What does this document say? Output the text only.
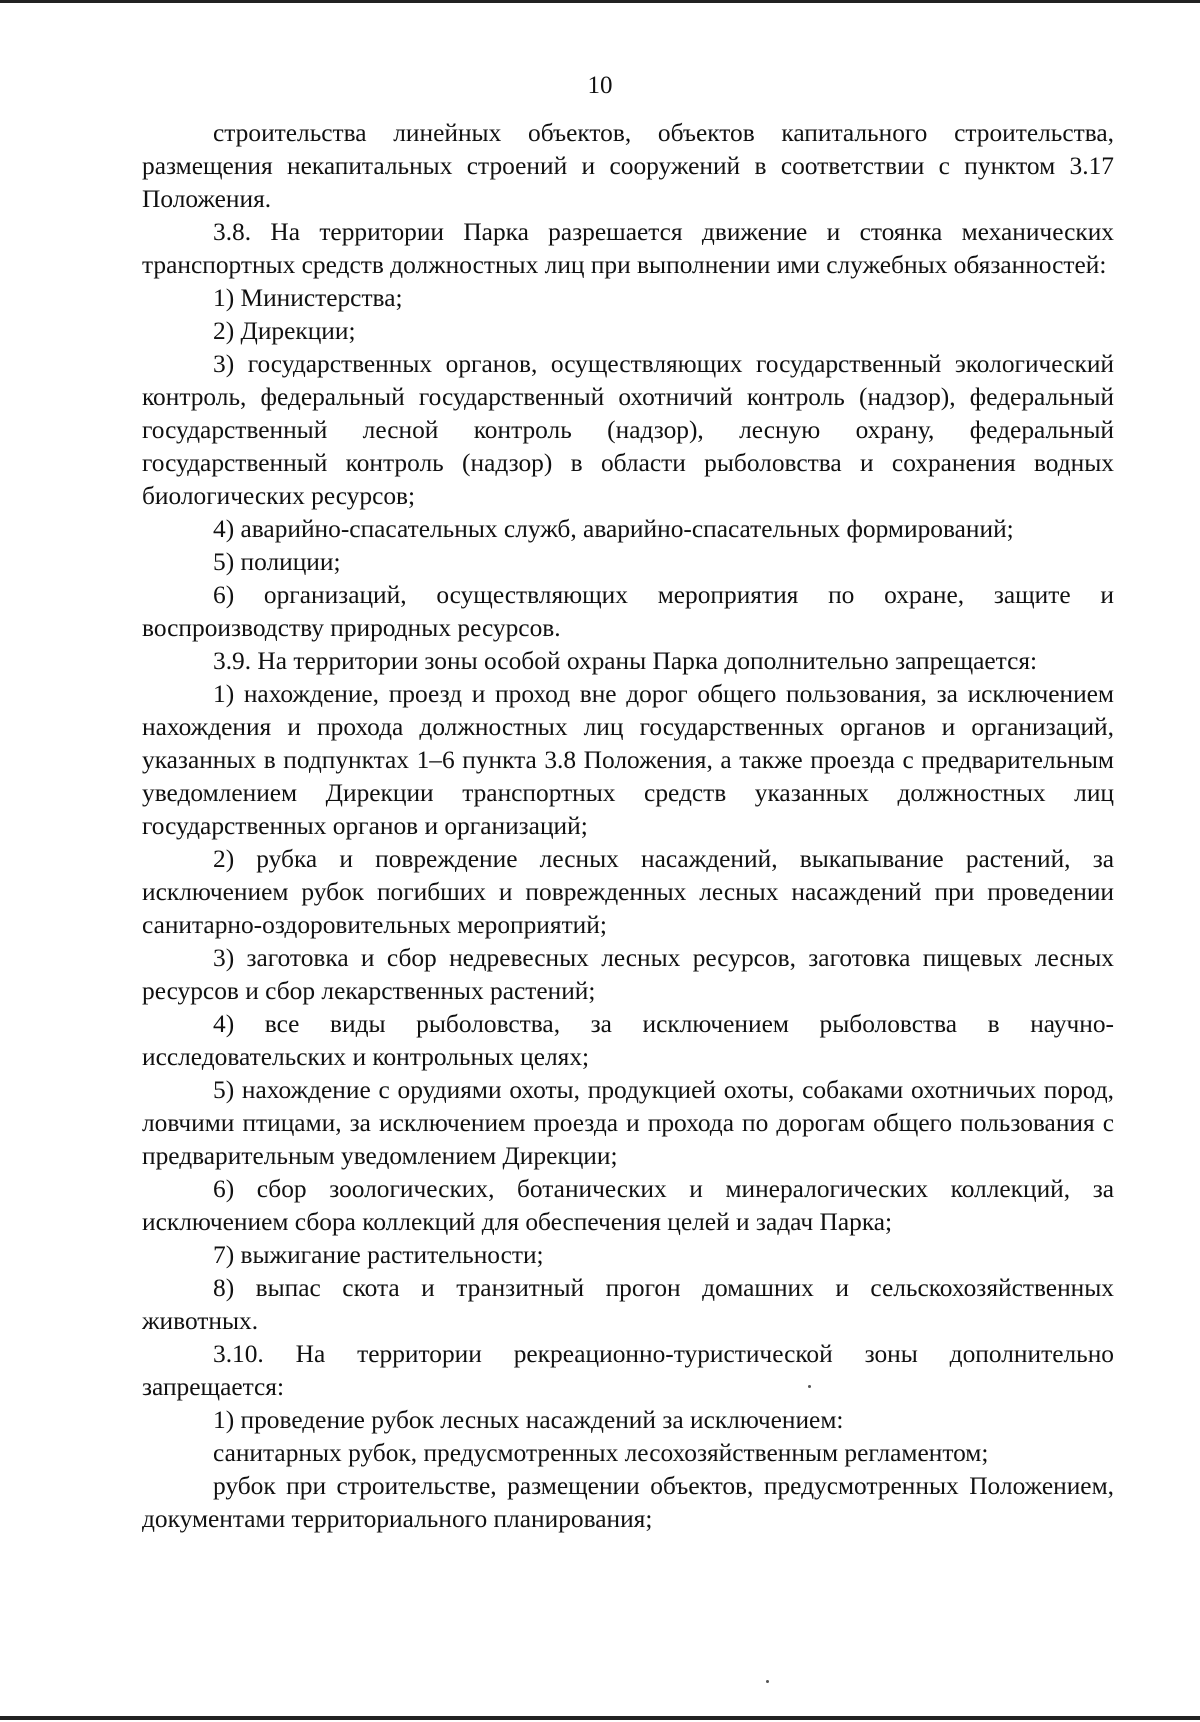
10

строительства линейных объектов, объектов капитального строительства, размещения некапитальных строений и сооружений в соответствии с пунктом 3.17 Положения.

3.8. На территории Парка разрешается движение и стоянка механических транспортных средств должностных лиц при выполнении ими служебных обязанностей:

1) Министерства;

2) Дирекции;

3) государственных органов, осуществляющих государственный экологический контроль, федеральный государственный охотничий контроль (надзор), федеральный государственный лесной контроль (надзор), лесную охрану, федеральный государственный контроль (надзор) в области рыболовства и сохранения водных биологических ресурсов;

4) аварийно-спасательных служб, аварийно-спасательных формирований;

5) полиции;

6) организаций, осуществляющих мероприятия по охране, защите и воспроизводству природных ресурсов.

3.9. На территории зоны особой охраны Парка дополнительно запрещается:

1) нахождение, проезд и проход вне дорог общего пользования, за исключением нахождения и прохода должностных лиц государственных органов и организаций, указанных в подпунктах 1–6 пункта 3.8 Положения, а также проезда с предварительным уведомлением Дирекции транспортных средств указанных должностных лиц государственных органов и организаций;

2) рубка и повреждение лесных насаждений, выкапывание растений, за исключением рубок погибших и поврежденных лесных насаждений при проведении санитарно-оздоровительных мероприятий;

3) заготовка и сбор недревесных лесных ресурсов, заготовка пищевых лесных ресурсов и сбор лекарственных растений;

4) все виды рыболовства, за исключением рыболовства в научно-исследовательских и контрольных целях;

5) нахождение с орудиями охоты, продукцией охоты, собаками охотничьих пород, ловчими птицами, за исключением проезда и прохода по дорогам общего пользования с предварительным уведомлением Дирекции;

6) сбор зоологических, ботанических и минералогических коллекций, за исключением сбора коллекций для обеспечения целей и задач Парка;

7) выжигание растительности;

8) выпас скота и транзитный прогон домашних и сельскохозяйственных животных.

3.10. На территории рекреационно-туристической зоны дополнительно запрещается:

1) проведение рубок лесных насаждений за исключением:

санитарных рубок, предусмотренных лесохозяйственным регламентом;

рубок при строительстве, размещении объектов, предусмотренных Положением, документами территориального планирования;
